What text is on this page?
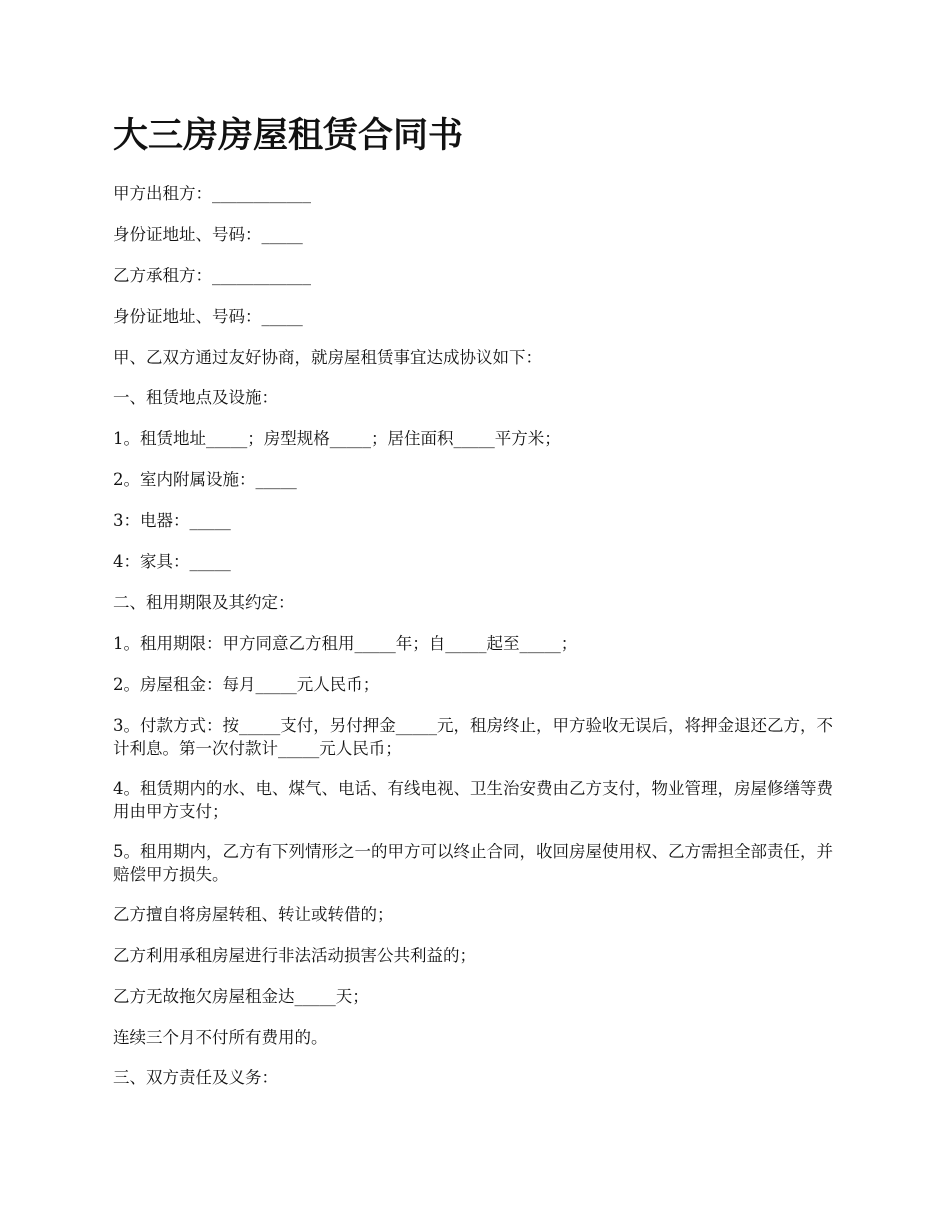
大三房房屋租赁合同书

甲方出租方：____________

身份证地址、号码：_____

乙方承租方：____________

身份证地址、号码：_____

甲、乙双方通过友好协商，就房屋租赁事宜达成协议如下：

一、租赁地点及设施：

1。租赁地址_____；房型规格_____；居住面积_____平方米；

2。室内附属设施：_____

3：电器：_____

4：家具：_____

二、租用期限及其约定：

1。租用期限：甲方同意乙方租用_____年；自_____起至_____；

2。房屋租金：每月_____元人民币；

3。付款方式：按_____支付，另付押金_____元，租房终止，甲方验收无误后，将押金退还乙方，不计利息。第一次付款计_____元人民币；

4。租赁期内的水、电、煤气、电话、有线电视、卫生治安费由乙方支付，物业管理，房屋修缮等费用由甲方支付；

5。租用期内，乙方有下列情形之一的甲方可以终止合同，收回房屋使用权、乙方需担全部责任，并赔偿甲方损失。

乙方擅自将房屋转租、转让或转借的；

乙方利用承租房屋进行非法活动损害公共利益的；

乙方无故拖欠房屋租金达_____天；

连续三个月不付所有费用的。

三、双方责任及义务：
